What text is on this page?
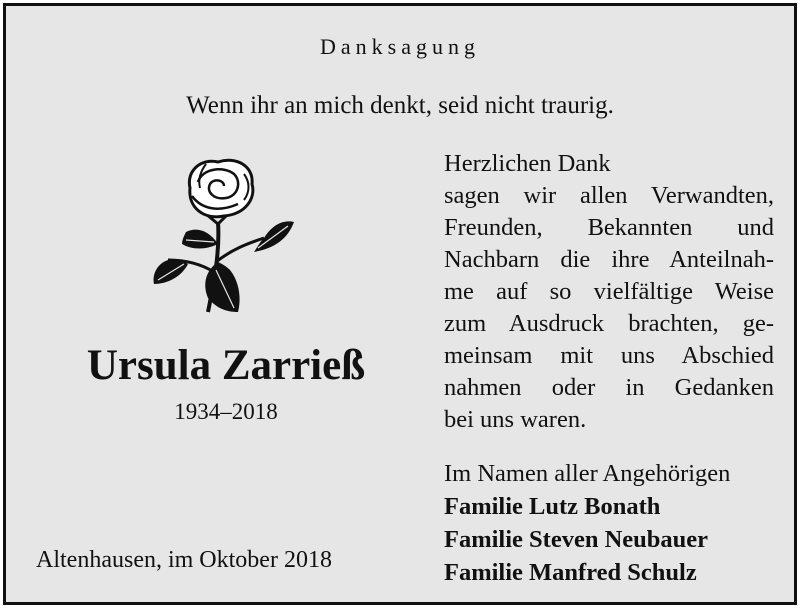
Danksagung
Wenn ihr an mich denkt, seid nicht traurig.
Ursula Zarrieß
1934–2018
Altenhausen, im Oktober 2018
Herzlichen Dank
sagen wir allen Verwandten,
Freunden, Bekannten und
Nachbarn die ihre Anteilnah-
me auf so vielfältige Weise
zum Ausdruck brachten, ge-
meinsam mit uns Abschied
nahmen oder in Gedanken
bei uns waren.
Im Namen aller Angehörigen
Familie Lutz Bonath
Familie Steven Neubauer
Familie Manfred Schulz
